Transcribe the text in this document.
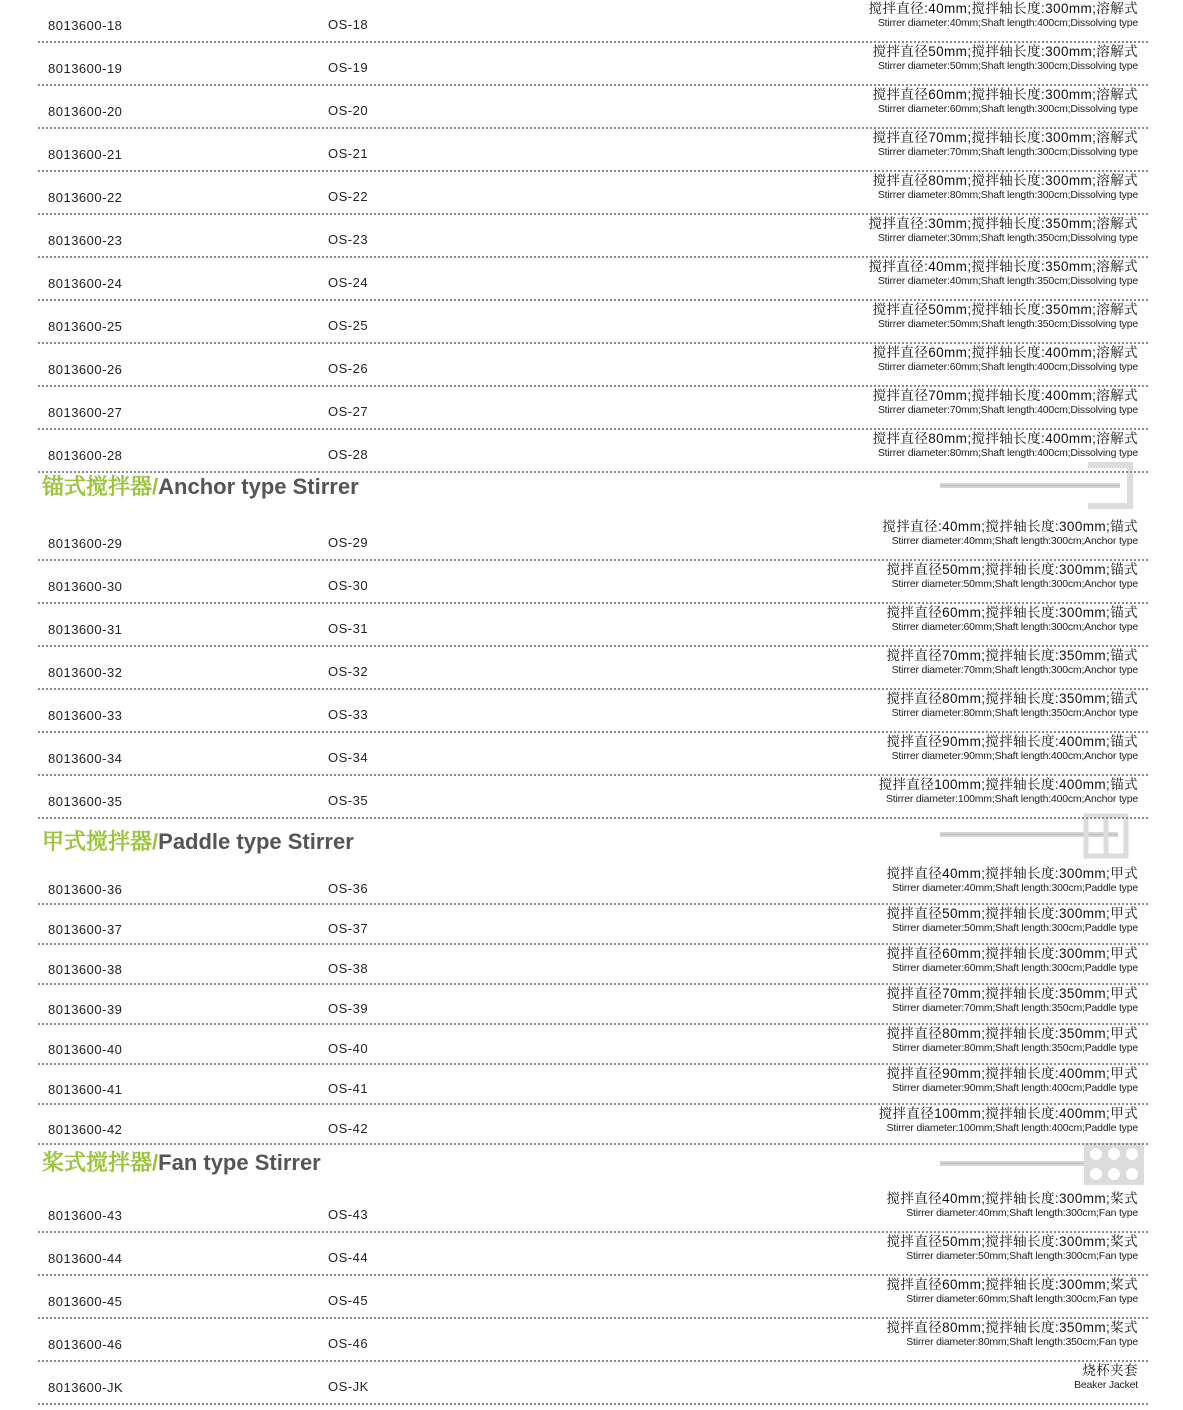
锚式搅拌器/Anchor type Stirrer
甲式搅拌器/Paddle type Stirrer
桨式搅拌器/Fan type Stirrer
8013600-18	OS-18
搅拌直径:40mm;搅拌轴长度:300mm;溶解式
Stirrer diameter:40mm;Shaft length:400cm;Dissolving type
8013600-19	OS-19
搅拌直径50mm;搅拌轴长度:300mm;溶解式
Stirrer diameter:50mm;Shaft length:300cm;Dissolving type
8013600-20	OS-20
搅拌直径60mm;搅拌轴长度:300mm;溶解式
Stirrer diameter:60mm;Shaft length:300cm;Dissolving type
8013600-21	OS-21
搅拌直径70mm;搅拌轴长度:300mm;溶解式
Stirrer diameter:70mm;Shaft length:300cm;Dissolving type
8013600-22	OS-22
搅拌直径80mm;搅拌轴长度:300mm;溶解式
Stirrer diameter:80mm;Shaft length:300cm;Dissolving type
8013600-23	OS-23
搅拌直径:30mm;搅拌轴长度:350mm;溶解式
Stirrer diameter:30mm;Shaft length:350cm;Dissolving type
8013600-24	OS-24
搅拌直径:40mm;搅拌轴长度:350mm;溶解式
Stirrer diameter:40mm;Shaft length:350cm;Dissolving type
8013600-25	OS-25
搅拌直径50mm;搅拌轴长度:350mm;溶解式
Stirrer diameter:50mm;Shaft length:350cm;Dissolving type
8013600-26	OS-26
搅拌直径60mm;搅拌轴长度:400mm;溶解式
Stirrer diameter:60mm;Shaft length:400cm;Dissolving type
8013600-27	OS-27
搅拌直径70mm;搅拌轴长度:400mm;溶解式
Stirrer diameter:70mm;Shaft length:400cm;Dissolving type
8013600-28	OS-28
搅拌直径80mm;搅拌轴长度:400mm;溶解式
Stirrer diameter:80mm;Shaft length:400cm;Dissolving type
8013600-29	OS-29
搅拌直径:40mm;搅拌轴长度:300mm;锚式
Stirrer diameter:40mm;Shaft length:300cm;Anchor type
8013600-30	OS-30
搅拌直径50mm;搅拌轴长度:300mm;锚式
Stirrer diameter:50mm;Shaft length:300cm;Anchor type
8013600-31	OS-31
搅拌直径60mm;搅拌轴长度:300mm;锚式
Stirrer diameter:60mm;Shaft length:300cm;Anchor type
8013600-32	OS-32
搅拌直径70mm;搅拌轴长度:350mm;锚式
Stirrer diameter:70mm;Shaft length:300cm;Anchor type
8013600-33	OS-33
搅拌直径80mm;搅拌轴长度:350mm;锚式
Stirrer diameter:80mm;Shaft length:350cm;Anchor type
8013600-34	OS-34
搅拌直径90mm;搅拌轴长度:400mm;锚式
Stirrer diameter:90mm;Shaft length:400cm;Anchor type
8013600-35	OS-35
搅拌直径100mm;搅拌轴长度:400mm;锚式
Stirrer diameter:100mm;Shaft length:400cm;Anchor type
8013600-36	OS-36
搅拌直径40mm;搅拌轴长度:300mm;甲式
Stirrer diameter:40mm;Shaft length:300cm;Paddle type
8013600-37	OS-37
搅拌直径50mm;搅拌轴长度:300mm;甲式
Stirrer diameter:50mm;Shaft length:300cm;Paddle type
8013600-38	OS-38
搅拌直径60mm;搅拌轴长度:300mm;甲式
Stirrer diameter:60mm;Shaft length:300cm;Paddle type
8013600-39	OS-39
搅拌直径70mm;搅拌轴长度:350mm;甲式
Stirrer diameter:70mm;Shaft length:350cm;Paddle type
8013600-40	OS-40
搅拌直径80mm;搅拌轴长度:350mm;甲式
Stirrer diameter:80mm;Shaft length:350cm;Paddle type
8013600-41	OS-41
搅拌直径90mm;搅拌轴长度:400mm;甲式
Stirrer diameter:90mm;Shaft length:400cm;Paddle type
8013600-42	OS-42
搅拌直径100mm;搅拌轴长度:400mm;甲式
Stirrer diameter:100mm;Shaft length:400cm;Paddle type
8013600-43	OS-43
搅拌直径40mm;搅拌轴长度:300mm;桨式
Stirrer diameter:40mm;Shaft length:300cm;Fan type
8013600-44	OS-44
搅拌直径50mm;搅拌轴长度:300mm;桨式
Stirrer diameter:50mm;Shaft length:300cm;Fan type
8013600-45	OS-45
搅拌直径60mm;搅拌轴长度:300mm;桨式
Stirrer diameter:60mm;Shaft length:300cm;Fan type
8013600-46	OS-46
搅拌直径80mm;搅拌轴长度:350mm;桨式
Stirrer diameter:80mm;Shaft length:350cm;Fan type
8013600-JK	OS-JK
烧杯夹套
Beaker Jacket
